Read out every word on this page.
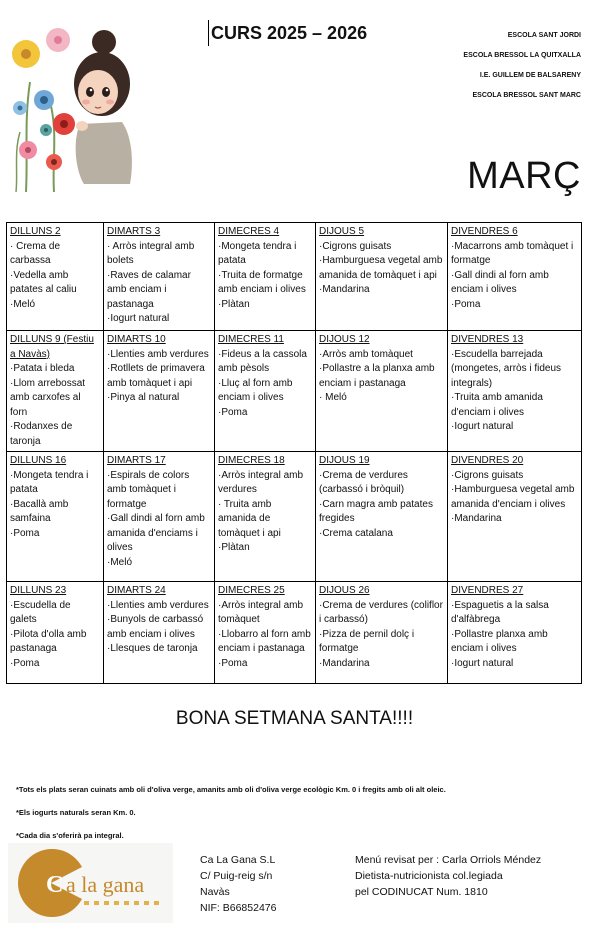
CURS 2025 – 2026	ESCOLA SANT JORDI
ESCOLA BRESSOL LA QUITXALLA
I.E. GUILLEM DE BALSARENY
ESCOLA BRESSOL SANT MARC
MARÇ
DILLUNS 2
· Crema de carbassa
·Vedella amb patates al caliu
·Meló	DIMARTS 3
· Arròs integral amb bolets
·Raves de calamar amb enciam i pastanaga
·Iogurt natural	DIMECRES 4
·Mongeta tendra i patata
·Truita de formatge amb enciam i olives
·Plàtan	DIJOUS 5
·Cigrons guisats
·Hamburguesa vegetal amb amanida de tomàquet i api
·Mandarina	DIVENDRES 6
·Macarrons amb tomàquet i formatge
·Gall dindi al forn amb enciam i olives
·Poma

DILLUNS 9 (Festiu a Navàs)
·Patata i bleda
·Llom arrebossat amb carxofes al forn
·Rodanxes de taronja	DIMARTS 10
·Llenties amb verdures
·Rotllets de primavera amb tomàquet i api
·Pinya al natural	DIMECRES 11
·Fideus a la cassola amb pèsols
·Lluç al forn amb enciam i olives
·Poma	DIJOUS 12
·Arròs amb tomàquet
·Pollastre a la planxa amb enciam i pastanaga
· Meló	DIVENDRES 13
·Escudella barrejada (mongetes, arròs i fideus integrals)
·Truita amb amanida d'enciam i olives
·Iogurt natural

DILLUNS 16
·Mongeta tendra i patata
·Bacallà amb samfaina
·Poma	DIMARTS 17
·Espirals de colors amb tomàquet i formatge
·Gall dindi al forn amb amanida d'enciams i olives
·Meló	DIMECRES 18
·Arròs integral amb verdures
· Truita amb amanida de tomàquet i api
·Plàtan	DIJOUS 19
·Crema de verdures (carbassó i bròquil)
·Carn magra amb patates fregides
·Crema catalana	DIVENDRES 20
·Cigrons guisats
·Hamburguesa vegetal amb amanida d'enciam i olives
·Mandarina

DILLUNS 23
·Escudella de galets
·Pilota d'olla amb pastanaga
·Poma	DIMARTS 24
·Llenties amb verdures
·Bunyols de carbassó amb enciam i olives
·Llesques de taronja	DIMECRES 25
·Arròs integral amb tomàquet
·Llobarro al forn amb enciam i pastanaga
·Poma	DIJOUS 26
·Crema de verdures (coliflor i carbassó)
·Pizza de pernil dolç i formatge
·Mandarina	DIVENDRES 27
·Espaguetis a la salsa d'alfàbrega
·Pollastre planxa amb enciam i olives
·Iogurt natural
BONA SETMANA SANTA!!!!
*Tots els plats seran cuinats amb oli d'oliva verge, amanits amb oli d'oliva verge ecològic Km. 0 i fregits amb oli alt oleic.
*Els iogurts naturals seran Km. 0.
*Cada dia s'oferirà pa integral.
C a la gana
Ca La Gana S.L
C/ Puig-reig s/n
Navàs
NIF: B66852476
Menú revisat per : Carla Orriols Méndez
Dietista-nutricionista col.legiada
pel CODINUCAT Num. 1810
